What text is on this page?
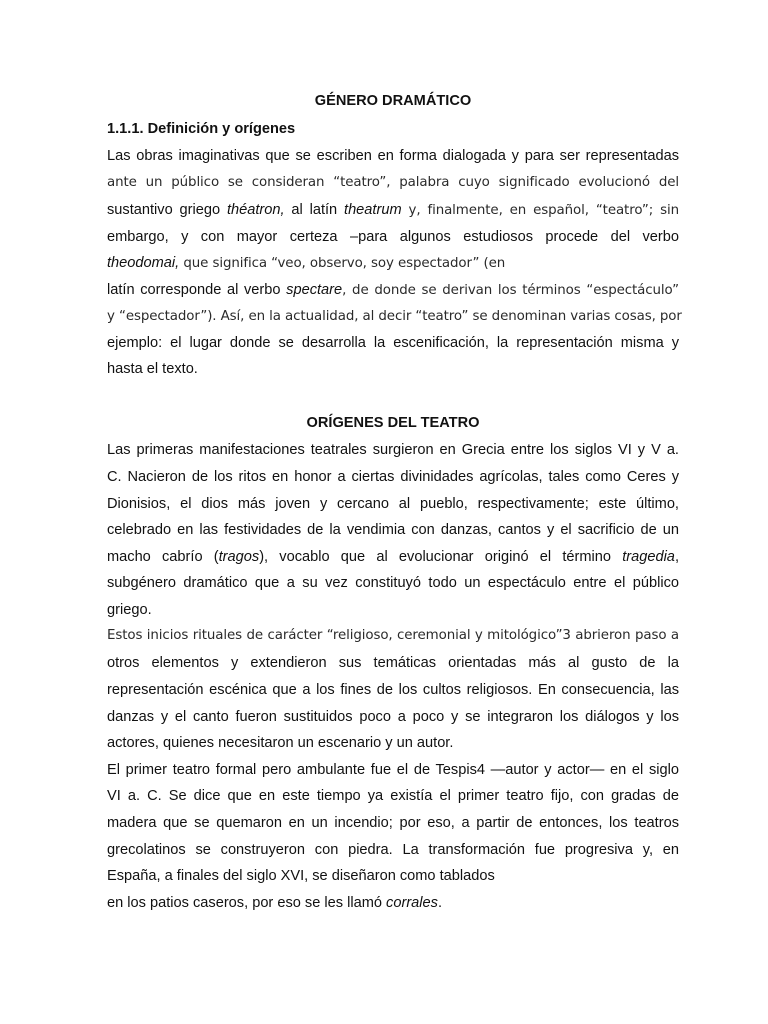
GÉNERO DRAMÁTICO
1.1.1. Definición y orígenes
Las obras imaginativas que se escriben en forma dialogada y para ser representadas
ante un público se consideran “teatro”, palabra cuyo significado evolucionó del
sustantivo griego théatron, al latín theatrum y, finalmente, en español, “teatro”; sin
embargo, y con mayor certeza –para algunos estudiosos procede del verbo
theodomai, que significa “veo, observo, soy espectador” (en
latín corresponde al verbo spectare, de donde se derivan los términos “espectáculo”
y “espectador”). Así, en la actualidad, al decir “teatro” se denominan varias cosas, por
ejemplo: el lugar donde se desarrolla la escenificación, la representación misma y
hasta el texto.
ORÍGENES DEL TEATRO
Las primeras manifestaciones teatrales surgieron en Grecia entre los siglos VI y V a.
C. Nacieron de los ritos en honor a ciertas divinidades agrícolas, tales como Ceres y
Dionisios, el dios más joven y cercano al pueblo, respectivamente; este último,
celebrado en las festividades de la vendimia con danzas, cantos y el sacrificio de un
macho cabrío (tragos), vocablo que al evolucionar originó el término tragedia,
subgénero dramático que a su vez constituyó todo un espectáculo entre el público
griego.
Estos inicios rituales de carácter “religioso, ceremonial y mitológico”3 abrieron paso a
otros elementos y extendieron sus temáticas orientadas más al gusto de la
representación escénica que a los fines de los cultos religiosos. En consecuencia, las
danzas y el canto fueron sustituidos poco a poco y se integraron los diálogos y los
actores, quienes necesitaron un escenario y un autor.
El primer teatro formal pero ambulante fue el de Tespis4 —autor y actor— en el siglo
VI a. C. Se dice que en este tiempo ya existía el primer teatro fijo, con gradas de
madera que se quemaron en un incendio; por eso, a partir de entonces, los teatros
grecolatinos se construyeron con piedra. La transformación fue progresiva y, en
España, a finales del siglo XVI, se diseñaron como tablados
en los patios caseros, por eso se les llamó corrales.
